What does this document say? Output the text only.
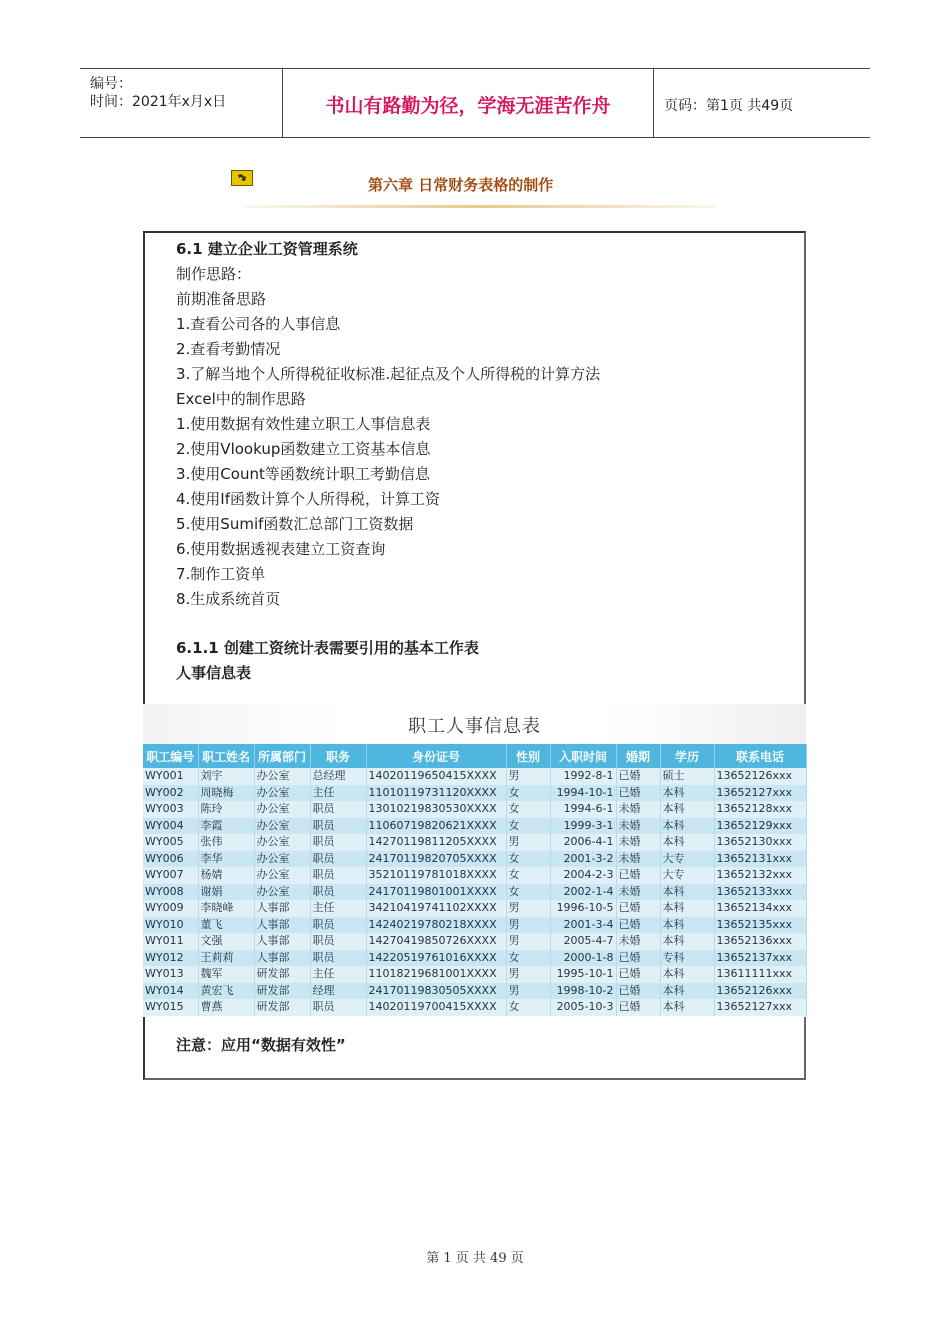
编号：
时间：2021年x月x日	书山有路勤为径，学海无涯苦作舟	页码：第1页 共49页
第六章 日常财务表格的制作
6.1 建立企业工资管理系统
制作思路：
前期准备思路
1.查看公司各的人事信息
2.查看考勤情况
3.了解当地个人所得税征收标准.起征点及个人所得税的计算方法
Excel中的制作思路
1.使用数据有效性建立职工人事信息表
2.使用Vlookup函数建立工资基本信息
3.使用Count等函数统计职工考勤信息
4.使用If函数计算个人所得税，计算工资
5.使用Sumif函数汇总部门工资数据
6.使用数据透视表建立工资查询
7.制作工资单
8.生成系统首页
6.1.1 创建工资统计表需要引用的基本工作表
人事信息表
职工人事信息表
职工编号	职工姓名	所属部门	职务	身份证号	性别	入职时间	婚期	学历	联系电话
WY001	刘宇	办公室	总经理	14020119650415XXXX	男	1992-8-1	已婚	硕士	13652126xxx
WY002	周晓梅	办公室	主任	11010119731120XXXX	女	1994-10-1	已婚	本科	13652127xxx
WY003	陈玲	办公室	职员	13010219830530XXXX	女	1994-6-1	未婚	本科	13652128xxx
WY004	李霞	办公室	职员	11060719820621XXXX	女	1999-3-1	未婚	本科	13652129xxx
WY005	张伟	办公室	职员	14270119811205XXXX	男	2006-4-1	未婚	本科	13652130xxx
WY006	李华	办公室	职员	24170119820705XXXX	女	2001-3-2	未婚	大专	13652131xxx
WY007	杨婧	办公室	职员	35210119781018XXXX	女	2004-2-3	已婚	大专	13652132xxx
WY008	谢娟	办公室	职员	24170119801001XXXX	女	2002-1-4	未婚	本科	13652133xxx
WY009	李晓峰	人事部	主任	34210419741102XXXX	男	1996-10-5	已婚	本科	13652134xxx
WY010	董飞	人事部	职员	14240219780218XXXX	男	2001-3-4	已婚	本科	13652135xxx
WY011	文强	人事部	职员	14270419850726XXXX	男	2005-4-7	未婚	本科	13652136xxx
WY012	王莉莉	人事部	职员	14220519761016XXXX	女	2000-1-8	已婚	专科	13652137xxx
WY013	魏军	研发部	主任	11018219681001XXXX	男	1995-10-1	已婚	本科	13611111xxx
WY014	黄宏飞	研发部	经理	24170119830505XXXX	男	1998-10-2	已婚	本科	13652126xxx
WY015	曹燕	研发部	职员	14020119700415XXXX	女	2005-10-3	已婚	本科	13652127xxx
注意：应用“数据有效性”
第 1 页 共 49 页
